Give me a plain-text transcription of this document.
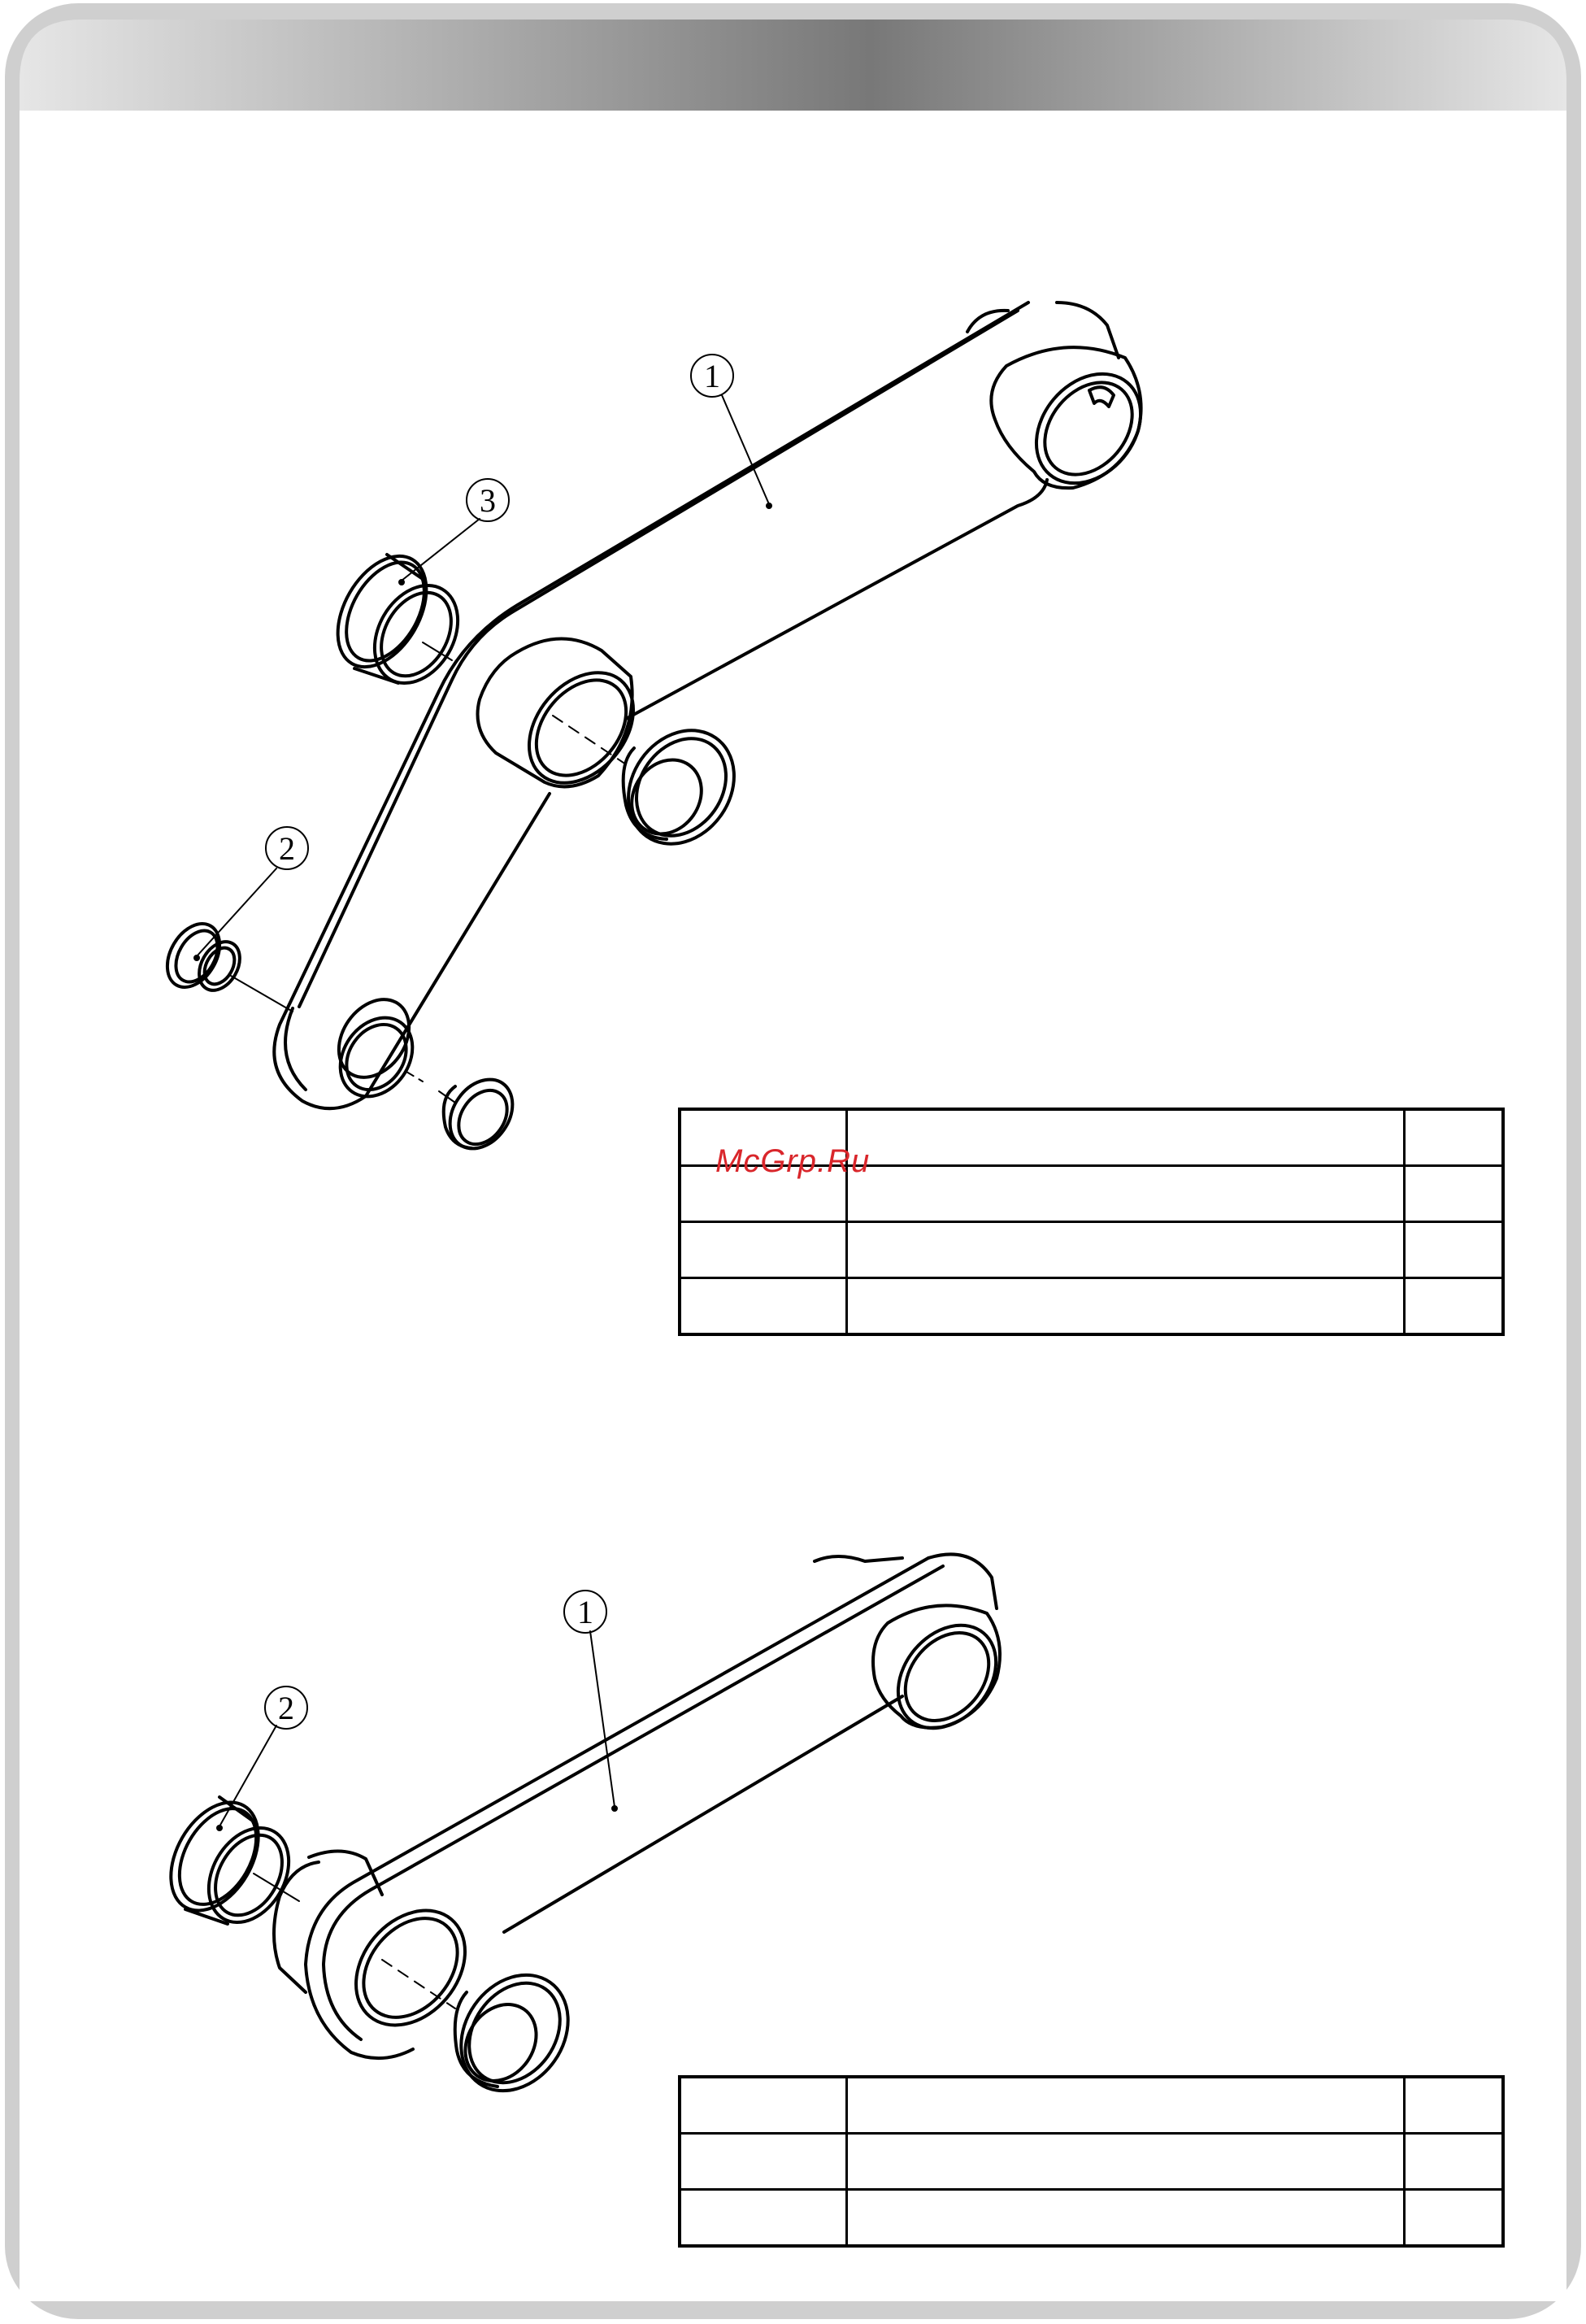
1
3
2
1
2

McGrp.Ru
